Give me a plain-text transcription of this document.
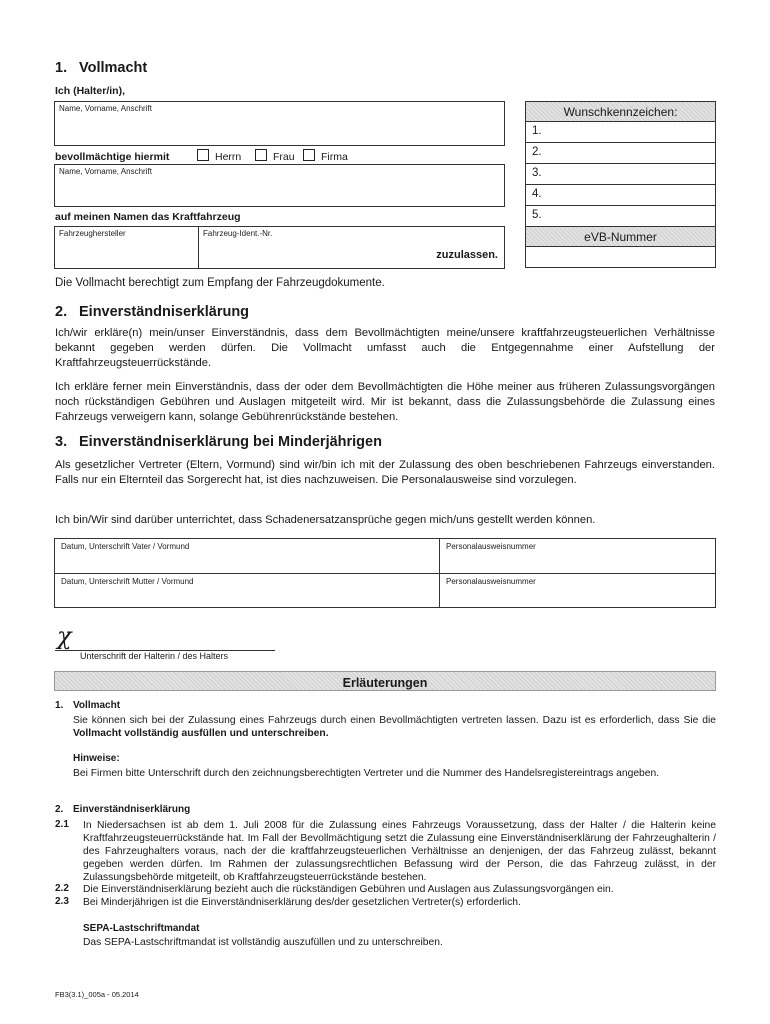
1. Vollmacht
Ich (Halter/in),
Name, Vorname, Anschrift
bevollmächtige hiermit	Herrn	Frau	Firma
Name, Vorname, Anschrift
auf meinen Namen das Kraftfahrzeug
Fahrzeughersteller	Fahrzeug-Ident.-Nr.
zuzulassen.
Die Vollmacht berechtigt zum Empfang der Fahrzeugdokumente.
Wunschkennzeichen:
1.
2.
3.
4.
5.
eVB-Nummer
2. Einverständniserklärung
Ich/wir erkläre(n) mein/unser Einverständnis, dass dem Bevollmächtigten meine/unsere kraftfahrzeugsteuerlichen Verhältnisse bekannt gegeben werden dürfen. Die Vollmacht umfasst auch die Entgegennahme einer Aufstellung der Kraftfahrzeugsteuerrückstände.
Ich erkläre ferner mein Einverständnis, dass der oder dem Bevollmächtigten die Höhe meiner aus früheren Zulassungsvorgängen noch rückständigen Gebühren und Auslagen mitgeteilt wird. Mir ist bekannt, dass die Zulassungsbehörde die Zulassung eines Fahrzeugs verweigern kann, solange Gebührenrückstände bestehen.
3. Einverständniserklärung bei Minderjährigen
Als gesetzlicher Vertreter (Eltern, Vormund) sind wir/bin ich mit der Zulassung des oben beschriebenen Fahrzeugs einverstanden. Falls nur ein Elternteil das Sorgerecht hat, ist dies nachzuweisen. Die Personalausweise sind vorzulegen.
Ich bin/Wir sind darüber unterrichtet, dass Schadenersatzansprüche gegen mich/uns gestellt werden können.
Datum, Unterschrift Vater / Vormund	Personalausweisnummer
Datum, Unterschrift Mutter / Vormund	Personalausweisnummer
χ
Unterschrift der Halterin / des Halters
Erläuterungen
1. Vollmacht
Sie können sich bei der Zulassung eines Fahrzeugs durch einen Bevollmächtigten vertreten lassen. Dazu ist es erforderlich, dass Sie die Vollmacht vollständig ausfüllen und unterschreiben.
Hinweise:
Bei Firmen bitte Unterschrift durch den zeichnungsberechtigten Vertreter und die Nummer des Handelsregistereintrags angeben.
2. Einverständniserklärung
2.1 In Niedersachsen ist ab dem 1. Juli 2008 für die Zulassung eines Fahrzeugs Voraussetzung, dass der Halter / die Halterin keine Kraftfahrzeugsteuerrückstände hat. Im Fall der Bevollmächtigung setzt die Zulassung eine Einverständniserklärung der Fahrzeughalterin / des Fahrzeughalters voraus, nach der die kraftfahrzeugsteuerlichen Verhältnisse an denjenigen, der das Fahrzeug zulässt, bekannt gegeben werden dürfen. Im Rahmen der zulassungsrechtlichen Befassung wird der Person, die das Fahrzeug zulässt, in der Zulassungsbehörde mitgeteilt, ob Kraftfahrzeugsteuerrückstände bestehen.
2.2 Die Einverständniserklärung bezieht auch die rückständigen Gebühren und Auslagen aus Zulassungsvorgängen ein.
2.3 Bei Minderjährigen ist die Einverständniserklärung des/der gesetzlichen Vertreter(s) erforderlich.
SEPA-Lastschriftmandat
Das SEPA-Lastschriftmandat ist vollständig auszufüllen und zu unterschreiben.
FB3(3.1)_005a - 05.2014
